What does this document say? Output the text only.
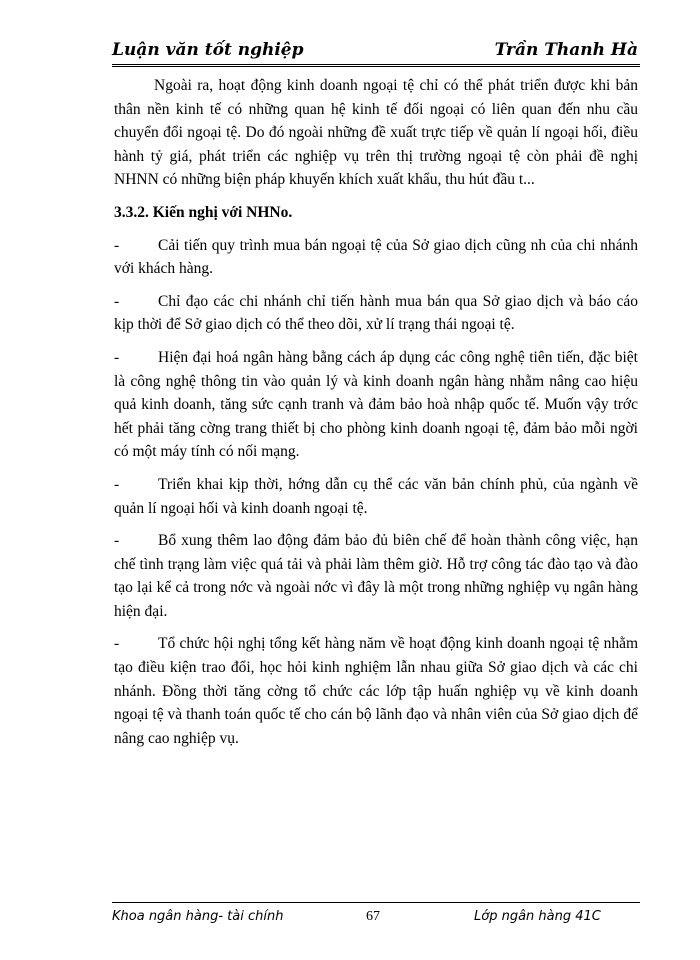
Luận văn tốt nghiệp	Trần Thanh Hà

Ngoài ra, hoạt động kinh doanh ngoại tệ chỉ có thể phát triển được khi bản thân nền kinh tế có những quan hệ kinh tế đối ngoại có liên quan đến nhu cầu chuyển đổi ngoại tệ. Do đó ngoài những đề xuất trực tiếp về quản lí ngoại hối, điều hành tỷ giá, phát triển các nghiệp vụ trên thị trường ngoại tệ còn phải đề nghị NHNN có những biện pháp khuyến khích xuất khẩu, thu hút đầu t...

3.3.2. Kiến nghị với NHNo.

-	Cải tiến quy trình mua bán ngoại tệ của Sở giao dịch cũng nh của chi nhánh với khách hàng.

-	Chỉ đạo các chi nhánh chỉ tiến hành mua bán qua Sở giao dịch và báo cáo kịp thời để Sở giao dịch có thể theo dõi, xử lí trạng thái ngoại tệ.

-	Hiện đại hoá ngân hàng bằng cách áp dụng các công nghệ tiên tiến, đặc biệt là công nghệ thông tin vào quản lý và kinh doanh ngân hàng nhằm nâng cao hiệu quả kinh doanh, tăng sức cạnh tranh và đảm bảo hoà nhập quốc tế. Muốn vậy trớc hết phải tăng cờng trang thiết bị cho phòng kinh doanh ngoại tệ, đảm bảo mỗi ngời có một máy tính có nối mạng.

-	Triển khai kịp thời, hớng dẫn cụ thể các văn bản chính phủ, của ngành về quản lí ngoại hối và kinh doanh ngoại tệ.

-	Bổ xung thêm lao động đảm bảo đủ biên chế để hoàn thành công việc, hạn chế tình trạng làm việc quá tải và phải làm thêm giờ. Hỗ trợ công tác đào tạo và đào tạo lại kể cả trong nớc và ngoài nớc vì đây là một trong những nghiệp vụ ngân hàng hiện đại.

-	Tổ chức hội nghị tổng kết hàng năm về hoạt động kinh doanh ngoại tệ nhằm tạo điều kiện trao đổi, học hỏi kinh nghiệm lẫn nhau giữa Sở giao dịch và các chi nhánh. Đồng thời tăng cờng tổ chức các lớp tập huấn nghiệp vụ về kinh doanh ngoại tệ và thanh toán quốc tế cho cán bộ lãnh đạo và nhân viên của Sở giao dịch để nâng cao nghiệp vụ.

Khoa ngân hàng- tài chính	67	Lớp ngân hàng 41C
